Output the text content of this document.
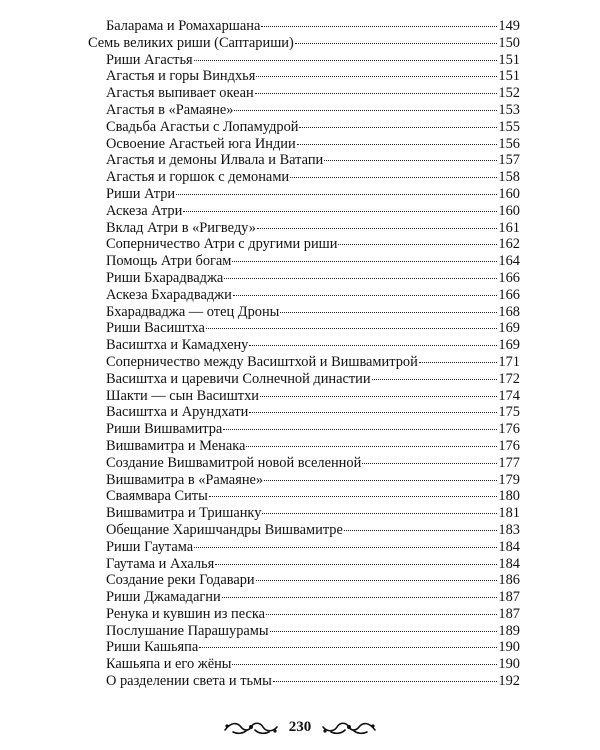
Баларама и Ромахаршана	149
Семь великих риши (Саптариши)	150
Риши Агастья	151
Агастья и горы Виндхья	151
Агастья выпивает океан	152
Агастья в «Рамаяне»	153
Свадьба Агастьи с Лопамудрой	155
Освоение Агастьей юга Индии	156
Агастья и демоны Илвала и Ватапи	157
Агастья и горшок с демонами	158
Риши Атри	160
Аскеза Атри	160
Вклад Атри в «Ригведу»	161
Соперничество Атри с другими риши	162
Помощь Атри богам	164
Риши Бхарадваджа	166
Аскеза Бхарадваджи	166
Бхарадваджа — отец Дроны	168
Риши Васиштха	169
Васиштха и Камадхену	169
Соперничество между Васиштхой и Вишвамитрой	171
Васиштха и царевичи Солнечной династии	172
Шакти — сын Васиштхи	174
Васиштха и Арундхати	175
Риши Вишвамитра	176
Вишвамитра и Менака	176
Создание Вишвамитрой новой вселенной	177
Вишвамитра в «Рамаяне»	179
Сваямвара Ситы	180
Вишвамитра и Тришанку	181
Обещание Харишчандры Вишвамитре	183
Риши Гаутама	184
Гаутама и Ахалья	184
Создание реки Годавари	186
Риши Джамадагни	187
Ренука и кувшин из песка	187
Послушание Парашурамы	189
Риши Кашьяпа	190
Кашьяпа и его жёны	190
О разделении света и тьмы	192
230
